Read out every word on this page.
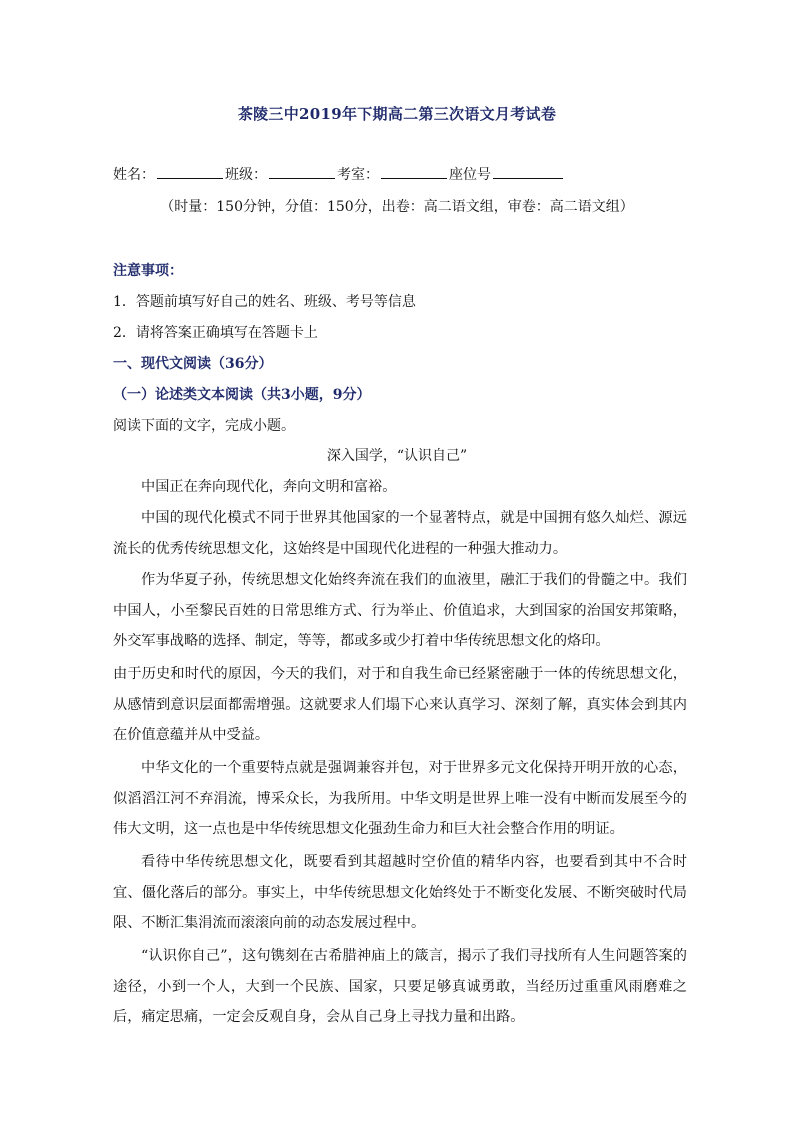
茶陵三中2019年下期高二第三次语文月考试卷
姓名：	班级：	考室：	座位号
（时量：150分钟，分值：150分，出卷：高二语文组，审卷：高二语文组）
注意事项：
1．答题前填写好自己的姓名、班级、考号等信息
2．请将答案正确填写在答题卡上
一、现代文阅读（36分）
（一）论述类文本阅读（共3小题，9分）
阅读下面的文字，完成小题。
深入国学，“认识自己”
中国正在奔向现代化，奔向文明和富裕。
中国的现代化模式不同于世界其他国家的一个显著特点，就是中国拥有悠久灿烂、源远流长的优秀传统思想文化，这始终是中国现代化进程的一种强大推动力。
作为华夏子孙，传统思想文化始终奔流在我们的血液里，融汇于我们的骨髓之中。我们中国人，小至黎民百姓的日常思维方式、行为举止、价值追求，大到国家的治国安邦策略，外交军事战略的选择、制定，等等，都或多或少打着中华传统思想文化的烙印。
由于历史和时代的原因，今天的我们，对于和自我生命已经紧密融于一体的传统思想文化，从感情到意识层面都需增强。这就要求人们塌下心来认真学习、深刻了解，真实体会到其内在价值意蕴并从中受益。
中华文化的一个重要特点就是强调兼容并包，对于世界多元文化保持开明开放的心态，似滔滔江河不弃涓流，博采众长，为我所用。中华文明是世界上唯一没有中断而发展至今的伟大文明，这一点也是中华传统思想文化强劲生命力和巨大社会整合作用的明证。
看待中华传统思想文化，既要看到其超越时空价值的精华内容，也要看到其中不合时宜、僵化落后的部分。事实上，中华传统思想文化始终处于不断变化发展、不断突破时代局限、不断汇集涓流而滚滚向前的动态发展过程中。
“认识你自己”，这句镌刻在古希腊神庙上的箴言，揭示了我们寻找所有人生问题答案的途径，小到一个人，大到一个民族、国家，只要足够真诚勇敢，当经历过重重风雨磨难之后，痛定思痛，一定会反观自身，会从自己身上寻找力量和出路。
